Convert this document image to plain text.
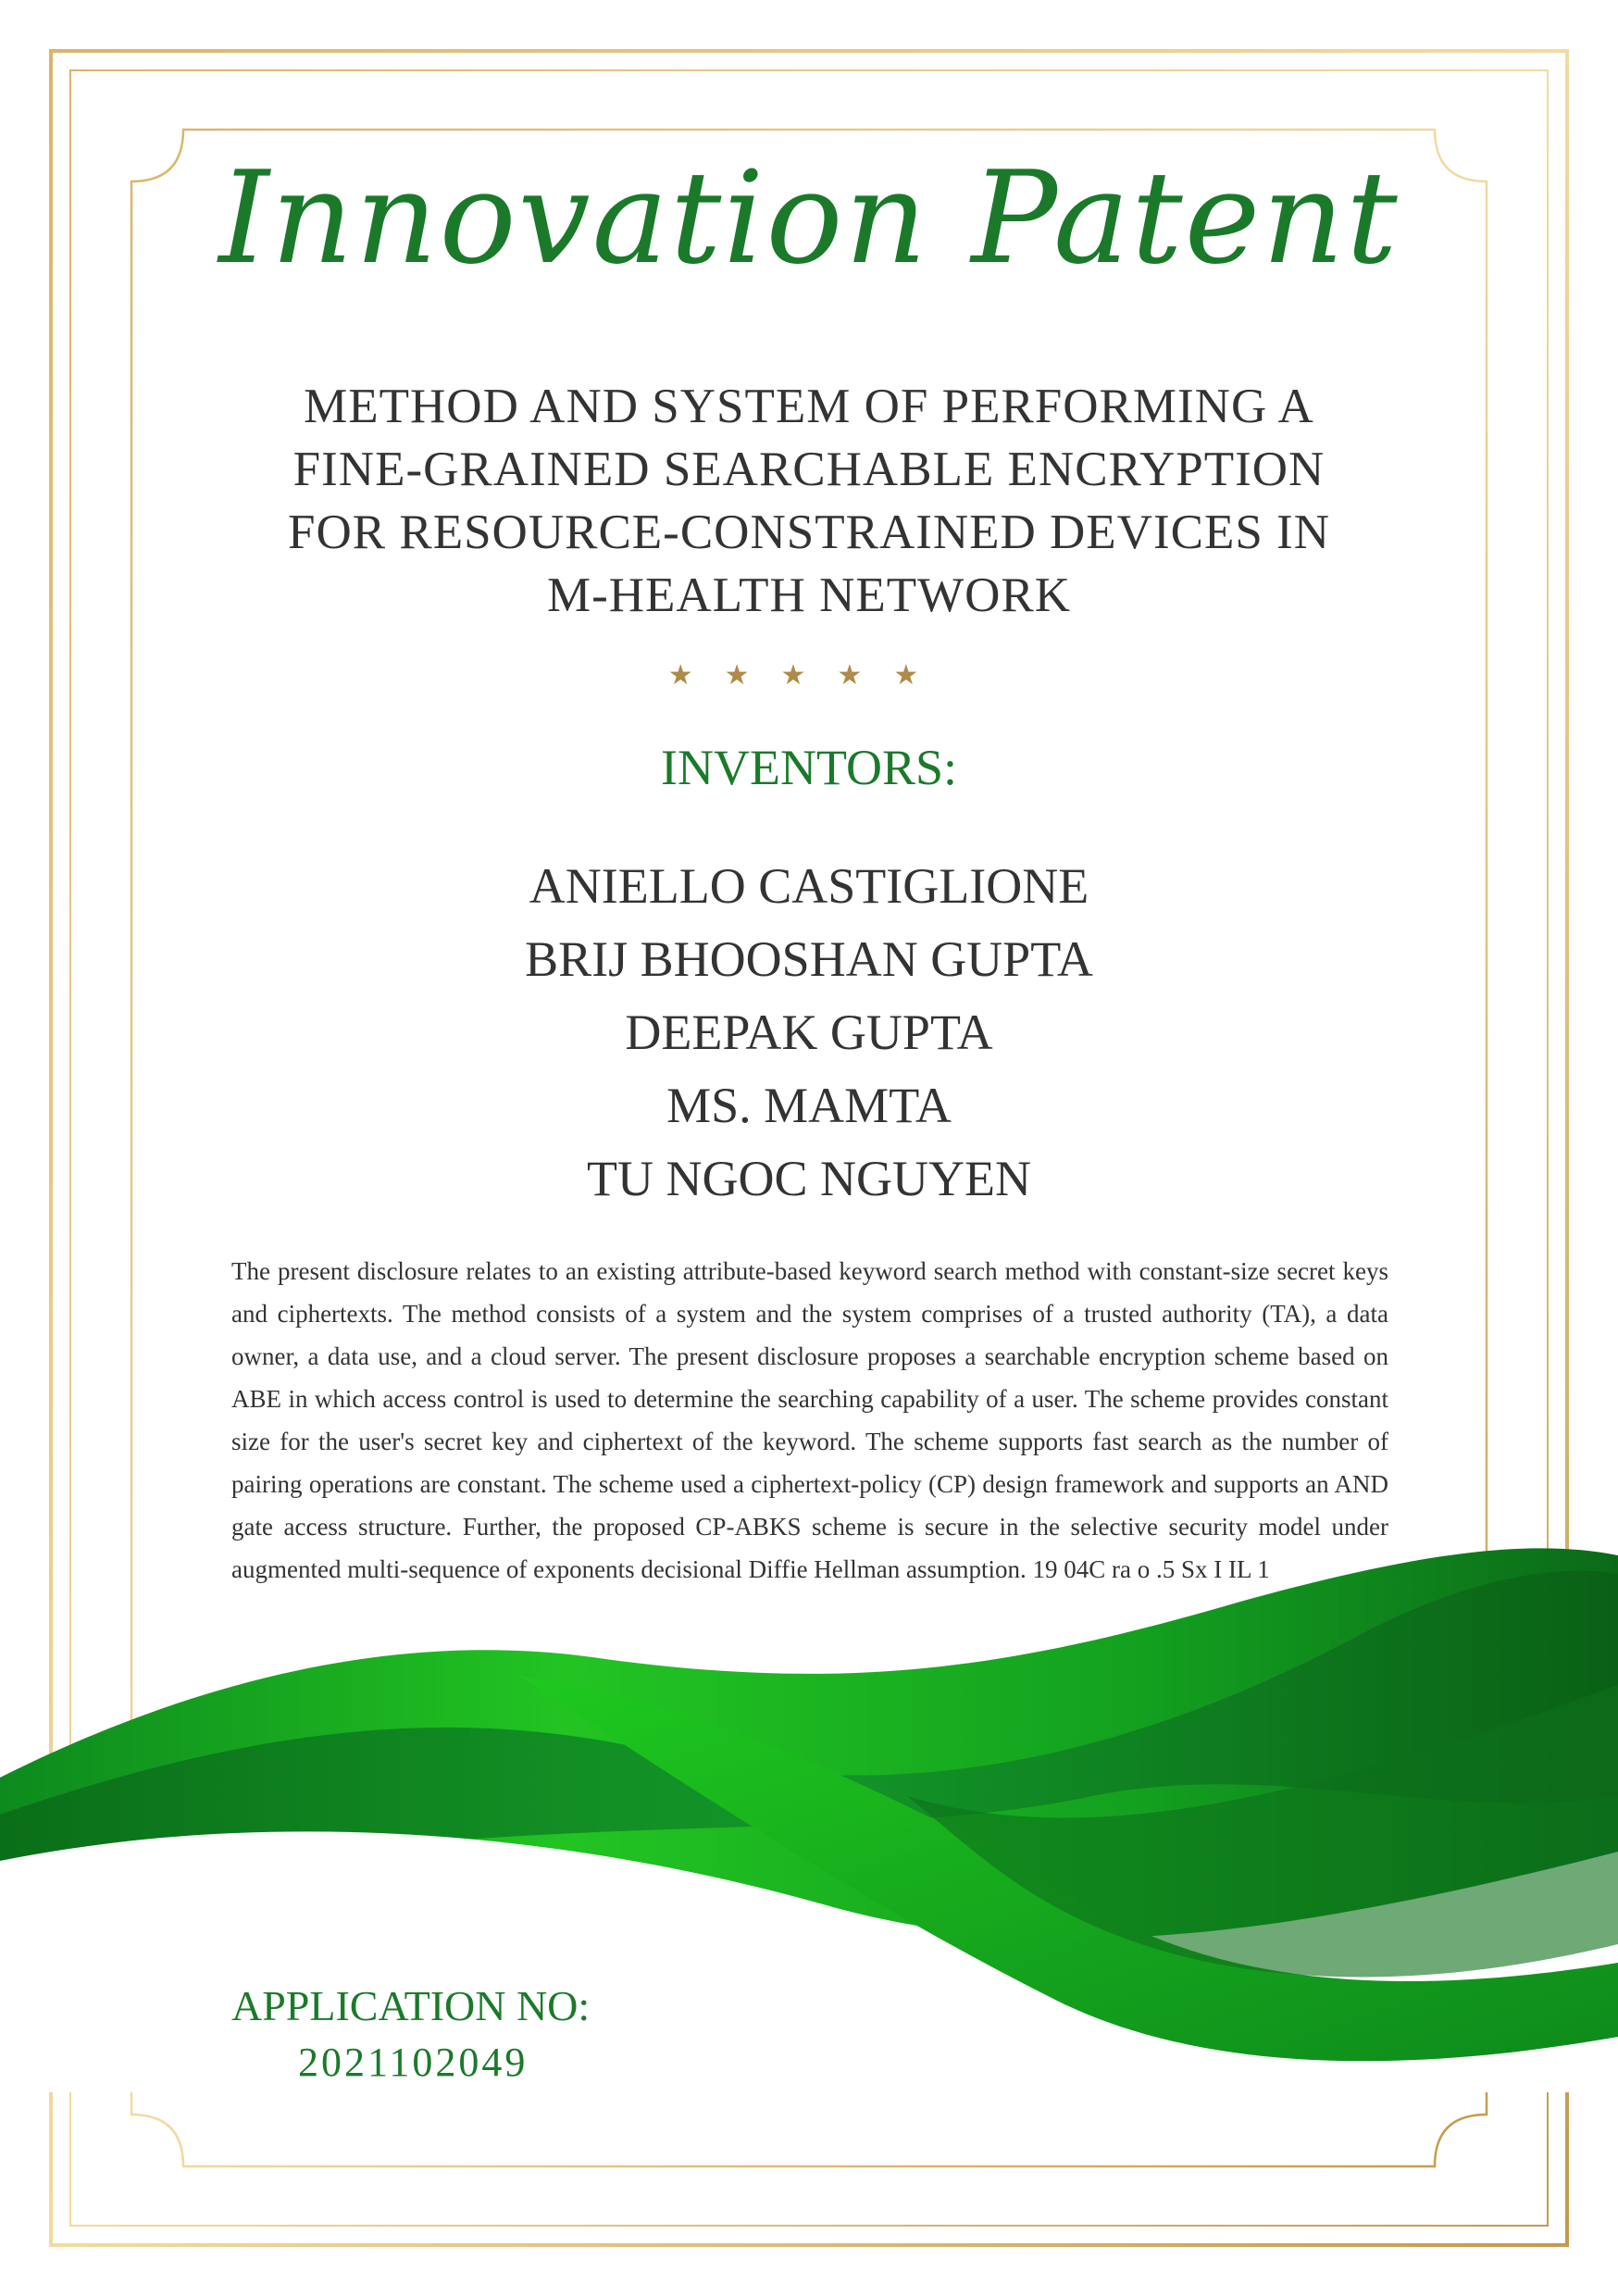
Innovation Patent
METHOD AND SYSTEM OF PERFORMING A
FINE-GRAINED SEARCHABLE ENCRYPTION
FOR RESOURCE-CONSTRAINED DEVICES IN
M-HEALTH NETWORK
★★★★★
INVENTORS:
ANIELLO CASTIGLIONE
BRIJ BHOOSHAN GUPTA
DEEPAK GUPTA
MS. MAMTA
TU NGOC NGUYEN
The present disclosure relates to an existing attribute-based keyword search method with constant-size secret keys and ciphertexts. The method consists of a system and the system comprises of a trusted authority (TA), a data owner, a data use, and a cloud server. The present disclosure proposes a searchable encryption scheme based on ABE in which access control is used to determine the searching capability of a user. The scheme provides constant size for the user's secret key and ciphertext of the keyword. The scheme supports fast search as the number of pairing operations are constant. The scheme used a ciphertext-policy (CP) design framework and supports an AND gate access structure. Further, the proposed CP-ABKS scheme is secure in the selective security model under augmented multi-sequence of exponents decisional Diffie Hellman assumption. 19 04C ra o .5 Sx I IL 1
APPLICATION NO:
2021102049
